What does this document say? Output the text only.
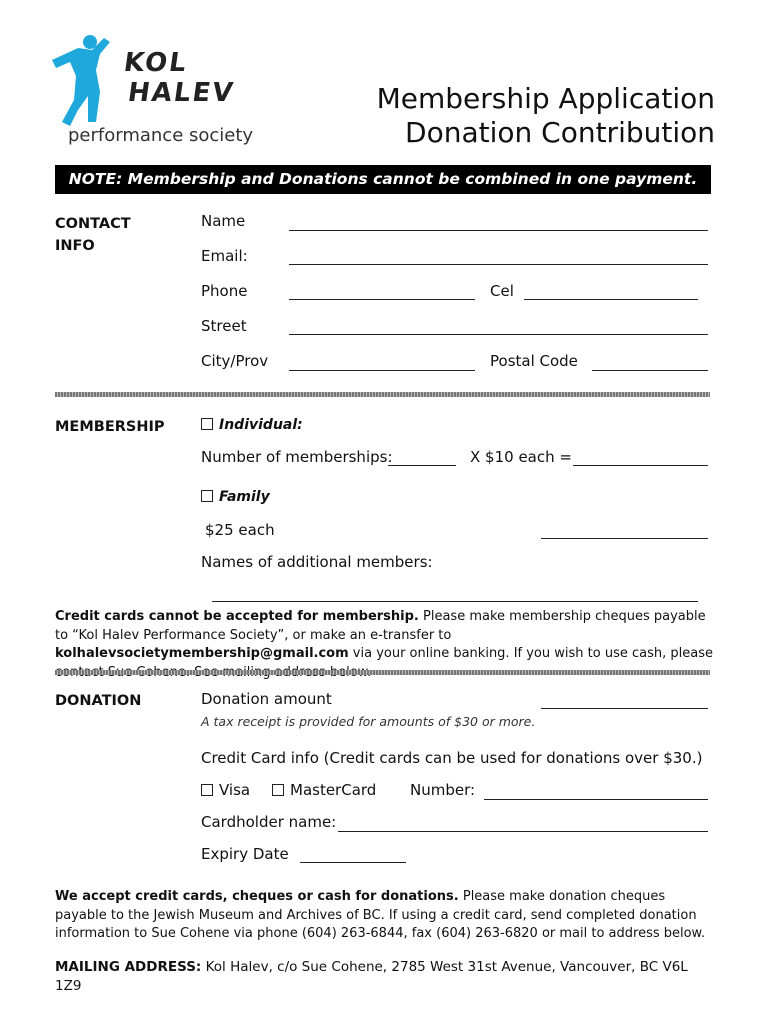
KOL
HALEV
performance society
Membership Application
Donation Contribution
NOTE: Membership and Donations cannot be combined in one payment.
CONTACT
INFO
Name
Email:
Phone	Cel
Street
City/Prov	Postal Code
MEMBERSHIP	Individual:
Number of memberships:	X $10 each =
Family
$25 each
Names of additional members:
Credit cards cannot be accepted for membership. Please make membership cheques payable to “Kol Halev Performance Society”, or make an e-transfer to kolhalevsocietymembership@gmail.com via your online banking. If you wish to use cash, please
DONATION	Donation amount
A tax receipt is provided for amounts of $30 or more.
Credit Card info (Credit cards can be used for donations over $30.)
Visa	MasterCard Number:
Cardholder name:
Expiry Date
We accept credit cards, cheques or cash for donations. Please make donation cheques payable to the Jewish Museum and Archives of BC. If using a credit card, send completed donation information to Sue Cohene via phone (604) 263-6844, fax (604) 263-6820 or mail to address below.
MAILING ADDRESS: Kol Halev, c/o Sue Cohene, 2785 West 31st Avenue, Vancouver, BC V6L 1Z9
